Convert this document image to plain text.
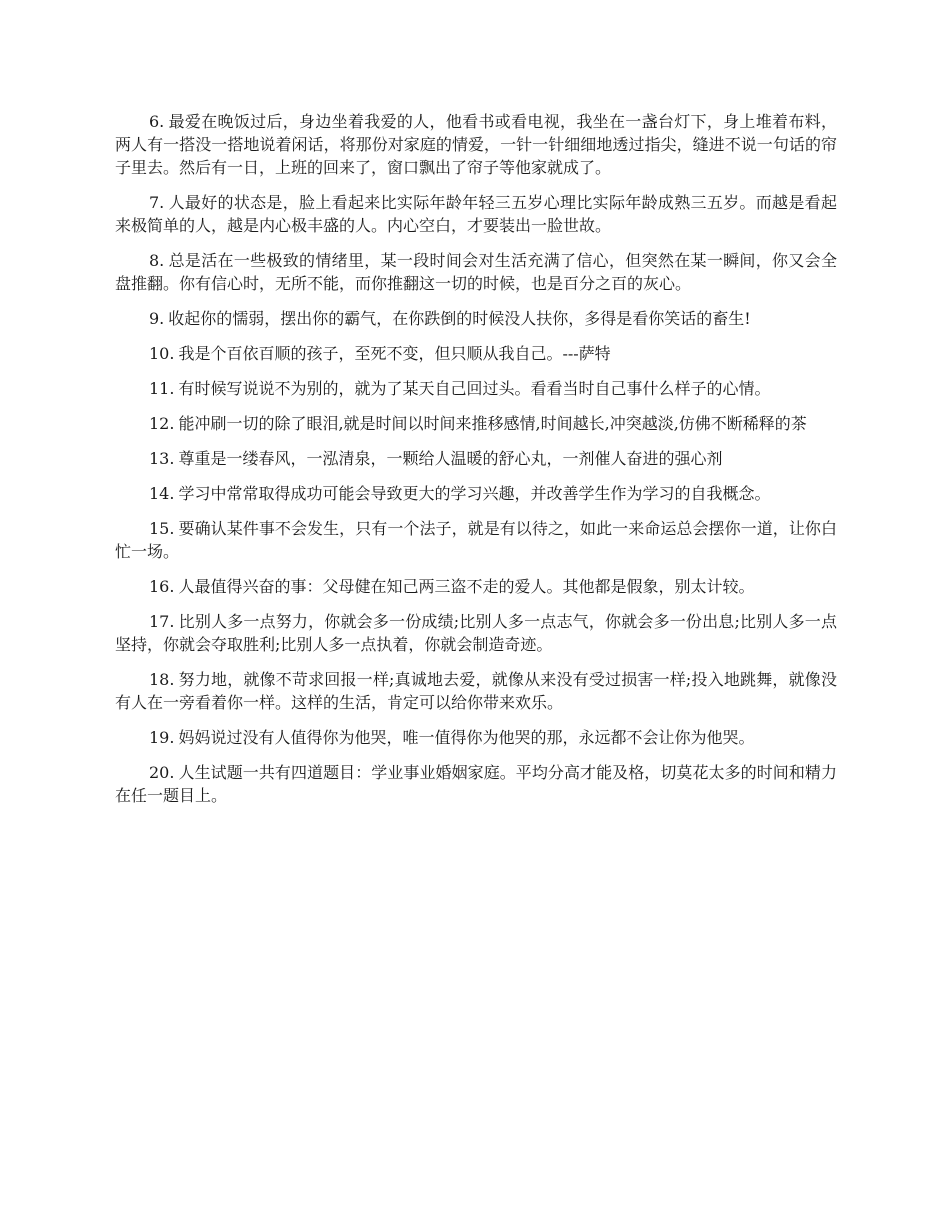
6. 最爱在晚饭过后，身边坐着我爱的人，他看书或看电视，我坐在一盏台灯下，身上堆着布料，两人有一搭没一搭地说着闲话，将那份对家庭的情爱，一针一针细细地透过指尖，缝进不说一句话的帘子里去。然后有一日，上班的回来了，窗口飘出了帘子等他家就成了。

7. 人最好的状态是，脸上看起来比实际年龄年轻三五岁心理比实际年龄成熟三五岁。而越是看起来极简单的人，越是内心极丰盛的人。内心空白，才要装出一脸世故。

8. 总是活在一些极致的情绪里，某一段时间会对生活充满了信心，但突然在某一瞬间，你又会全盘推翻。你有信心时，无所不能，而你推翻这一切的时候，也是百分之百的灰心。

9. 收起你的懦弱，摆出你的霸气，在你跌倒的时候没人扶你，多得是看你笑话的畜生!

10. 我是个百依百顺的孩子，至死不变，但只顺从我自己。---萨特

11. 有时候写说说不为别的，就为了某天自己回过头。看看当时自己事什么样子的心情。

12. 能冲刷一切的除了眼泪,就是时间以时间来推移感情,时间越长,冲突越淡,仿佛不断稀释的茶

13. 尊重是一缕春风，一泓清泉，一颗给人温暖的舒心丸，一剂催人奋进的强心剂

14. 学习中常常取得成功可能会导致更大的学习兴趣，并改善学生作为学习的自我概念。

15. 要确认某件事不会发生，只有一个法子，就是有以待之，如此一来命运总会摆你一道，让你白忙一场。

16. 人最值得兴奋的事：父母健在知己两三盗不走的爱人。其他都是假象，别太计较。

17. 比别人多一点努力，你就会多一份成绩;比别人多一点志气，你就会多一份出息;比别人多一点坚持，你就会夺取胜利;比别人多一点执着，你就会制造奇迹。

18. 努力地，就像不苛求回报一样;真诚地去爱，就像从来没有受过损害一样;投入地跳舞，就像没有人在一旁看着你一样。这样的生活，肯定可以给你带来欢乐。

19. 妈妈说过没有人值得你为他哭，唯一值得你为他哭的那，永远都不会让你为他哭。

20. 人生试题一共有四道题目：学业事业婚姻家庭。平均分高才能及格，切莫花太多的时间和精力在任一题目上。
